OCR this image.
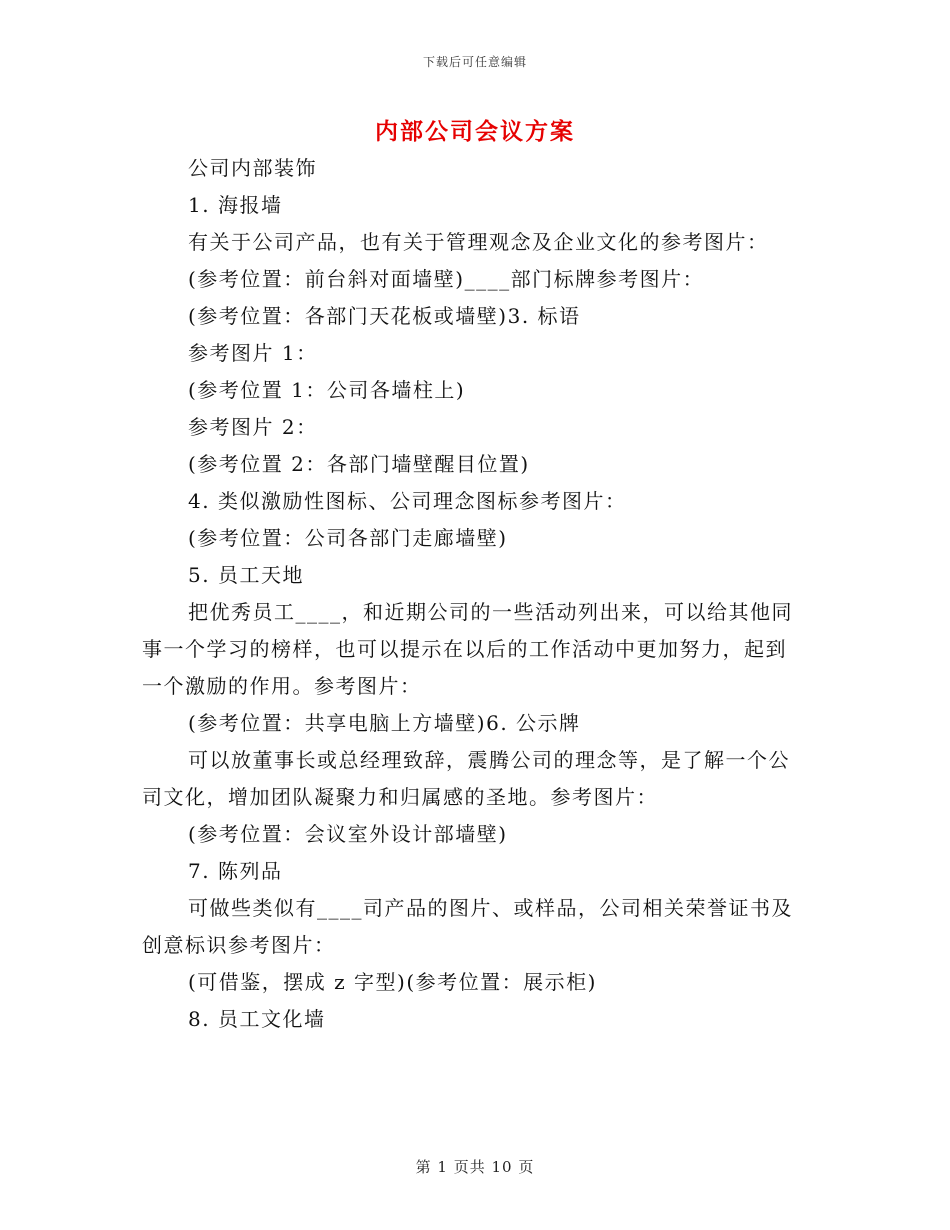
下载后可任意编辑
内部公司会议方案
公司内部装饰
1. 海报墙
有关于公司产品，也有关于管理观念及企业文化的参考图片：
(参考位置：前台斜对面墙壁)____部门标牌参考图片：
(参考位置：各部门天花板或墙壁)3. 标语
参考图片 1：
(参考位置 1：公司各墙柱上)
参考图片 2：
(参考位置 2：各部门墙壁醒目位置)
4. 类似激励性图标、公司理念图标参考图片：
(参考位置：公司各部门走廊墙壁)
5. 员工天地
把优秀员工____，和近期公司的一些活动列出来，可以给其他同
事一个学习的榜样，也可以提示在以后的工作活动中更加努力，起到
一个激励的作用。参考图片：
(参考位置：共享电脑上方墙壁)6. 公示牌
可以放董事长或总经理致辞，震腾公司的理念等，是了解一个公
司文化，增加团队凝聚力和归属感的圣地。参考图片：
(参考位置：会议室外设计部墙壁)
7. 陈列品
可做些类似有____司产品的图片、或样品，公司相关荣誉证书及
创意标识参考图片：
(可借鉴，摆成 z 字型)(参考位置：展示柜)
8. 员工文化墙
第 1 页共 10 页
